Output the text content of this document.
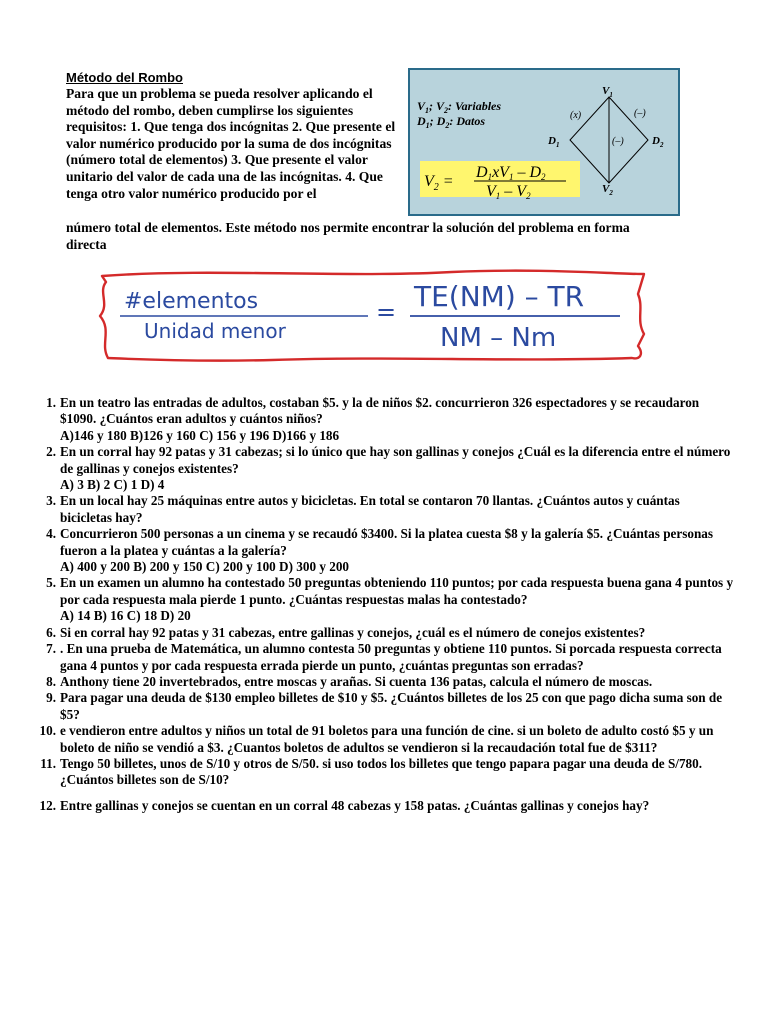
Método del Rombo
Para que un problema se pueda resolver aplicando el método del rombo, deben cumplirse los siguientes requisitos: 1. Que tenga dos incógnitas 2. Que presente el valor numérico producido por la suma de dos incógnitas (número total de elementos) 3. Que presente el valor unitario del valor de cada una de las incógnitas. 4. Que tenga otro valor numérico producido por el
número total de elementos. Este método nos permite encontrar la solución del problema en forma directa
$V_1$; $V_2$: Variables
$D_1$; $D_2$: Datos
$V_1$
$V_2$
$D_1$	$D_2$
(x)	(–)
(–)
$V_2$ =
D1xV1 – D2
V1 – V2
#elementos
Unidad menor
= TE(NM) – TR
NM – Nm
1. En un teatro las entradas de adultos, costaban $5. y la de niños $2. concurrieron 326 espectadores y se recaudaron $1090. ¿Cuántos eran adultos y cuántos niños?
A)146 y 180 B)126 y 160 C) 156 y 196 D)166 y 186
2. En un corral hay 92 patas y 31 cabezas; si lo único que hay son gallinas y conejos ¿Cuál es la diferencia entre el número de gallinas y conejos existentes?
A) 3 B) 2 C) 1 D) 4
3. En un local hay 25 máquinas entre autos y bicicletas. En total se contaron 70 llantas. ¿Cuántos autos y cuántas bicicletas hay?
4. Concurrieron 500 personas a un cinema y se recaudó $3400. Si la platea cuesta $8 y la galería $5. ¿Cuántas personas fueron a la platea y cuántas a la galería?
A) 400 y 200 B) 200 y 150 C) 200 y 100 D) 300 y 200
5. En un examen un alumno ha contestado 50 preguntas obteniendo 110 puntos; por cada respuesta buena gana 4 puntos y por cada respuesta mala pierde 1 punto. ¿Cuántas respuestas malas ha contestado?
A) 14 B) 16 C) 18 D) 20
6. Si en corral hay 92 patas y 31 cabezas, entre gallinas y conejos, ¿cuál es el número de conejos existentes?
7. . En una prueba de Matemática, un alumno contesta 50 preguntas y obtiene 110 puntos. Si porcada respuesta correcta gana 4 puntos y por cada respuesta errada pierde un punto, ¿cuántas preguntas son erradas?
8. Anthony tiene 20 invertebrados, entre moscas y arañas. Si cuenta 136 patas, calcula el número de moscas.
9. Para pagar una deuda de $130 empleo billetes de $10 y $5. ¿Cuántos billetes de los 25 con que pago dicha suma son de $5?
10. e vendieron entre adultos y niños un total de 91 boletos para una función de cine. si un boleto de adulto costó $5 y un boleto de niño se vendió a $3. ¿Cuantos boletos de adultos se vendieron si la recaudación total fue de $311?
11. Tengo 50 billetes, unos de S/10 y otros de S/50. si uso todos los billetes que tengo papara pagar una deuda de S/780. ¿Cuántos billetes son de S/10?
12. Entre gallinas y conejos se cuentan en un corral 48 cabezas y 158 patas. ¿Cuántas gallinas y conejos hay?
